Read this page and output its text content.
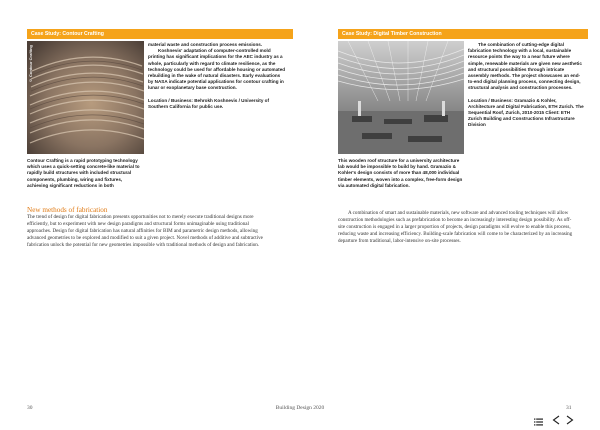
Case Study: Contour Crafting
© Contour Crafting

Contour Crafting is a rapid prototyping technology which uses a quick-setting concrete-like material to rapidly build structures with included structural components, plumbing, wiring and fixtures, achieving significant reductions in both

material waste and construction process emissions.

Koshnevis' adaptation of computer-controlled mold printing has significant implications for the AEC industry as a whole, particularly with regard to climate resilience, as the technology could be used for affordable housing or automated rebuilding in the wake of natural disasters. Early evaluations by NASA indicate potential applications for contour crafting in lunar or exoplanetary base construction.

Location / Business: Behrokh Koshnevis / University of Southern California for public use.

New methods of fabrication

The trend of design for digital fabrication presents opportunities not to merely execute traditional designs more efficiently, but to experiment with new design paradigms and structural forms unimaginable using traditional approaches. Design for digital fabrication has natural affinities for BIM and parametric design methods, allowing advanced geometries to be explored and modified to suit a given project. Novel methods of additive and subtractive fabrication unlock the potential for new geometries impossible with traditional methods of design and fabrication.

30
Case Study: Digital Timber Construction

This wooden roof structure for a university architecture lab would be impossible to build by hand. Gramazio & Kohler's design consists of more than 48,000 individual timber elements, woven into a complex, free-form design via automated digital fabrication.

The combination of cutting-edge digital fabrication technology with a local, sustainable resource points the way to a near future where simple, renewable materials are given new aesthetic and structural possibilities through intricate assembly methods. The project showcases an end-to-end digital planning process, connecting design, structural analysis and construction processes.

Location / Business: Gramazio & Kohler, Architecture and Digital Fabrication, ETH Zurich. The Sequential Roof, Zurich, 2010-2015 Client: ETH Zurich Building and Constructions Infrastructure Division

A combination of smart and sustainable materials, new software and advanced tooling techniques will allow construction methodologies such as prefabrication to become an increasingly interesting design possibility. As off-site construction is engaged in a larger proportion of projects, design paradigms will evolve to enable this process, reducing waste and increasing efficiency. Building-scale fabrication will come to be characterized by an increasing departure from traditional, labor-intensive on-site processes.

31
Building Design 2020
